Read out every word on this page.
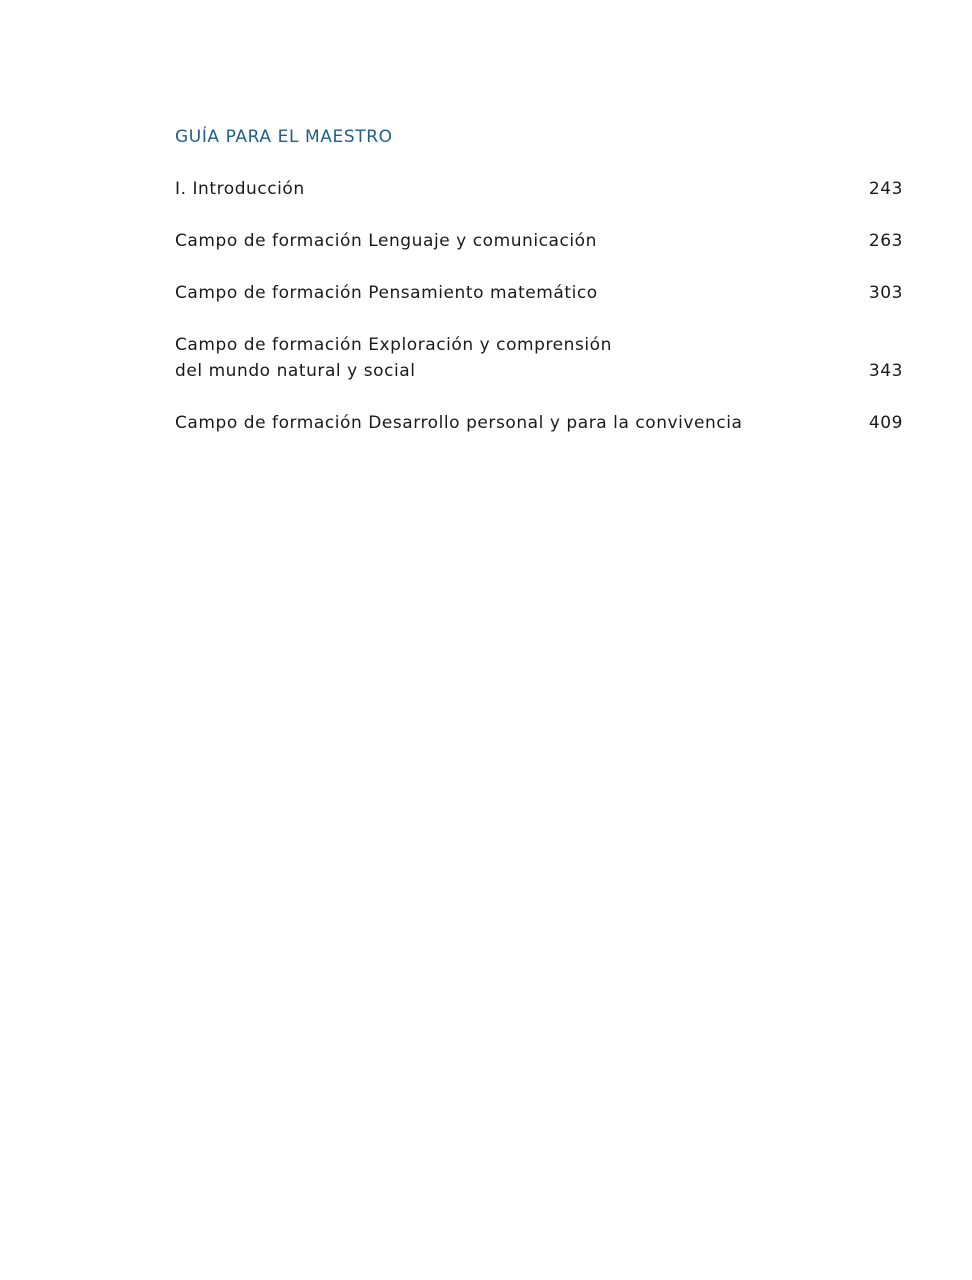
GUÍA PARA EL MAESTRO
I. Introducción	243
Campo de formación Lenguaje y comunicación	263
Campo de formación Pensamiento matemático	303
Campo de formación Exploración y comprensión
del mundo natural y social	343
Campo de formación Desarrollo personal y para la convivencia	409
